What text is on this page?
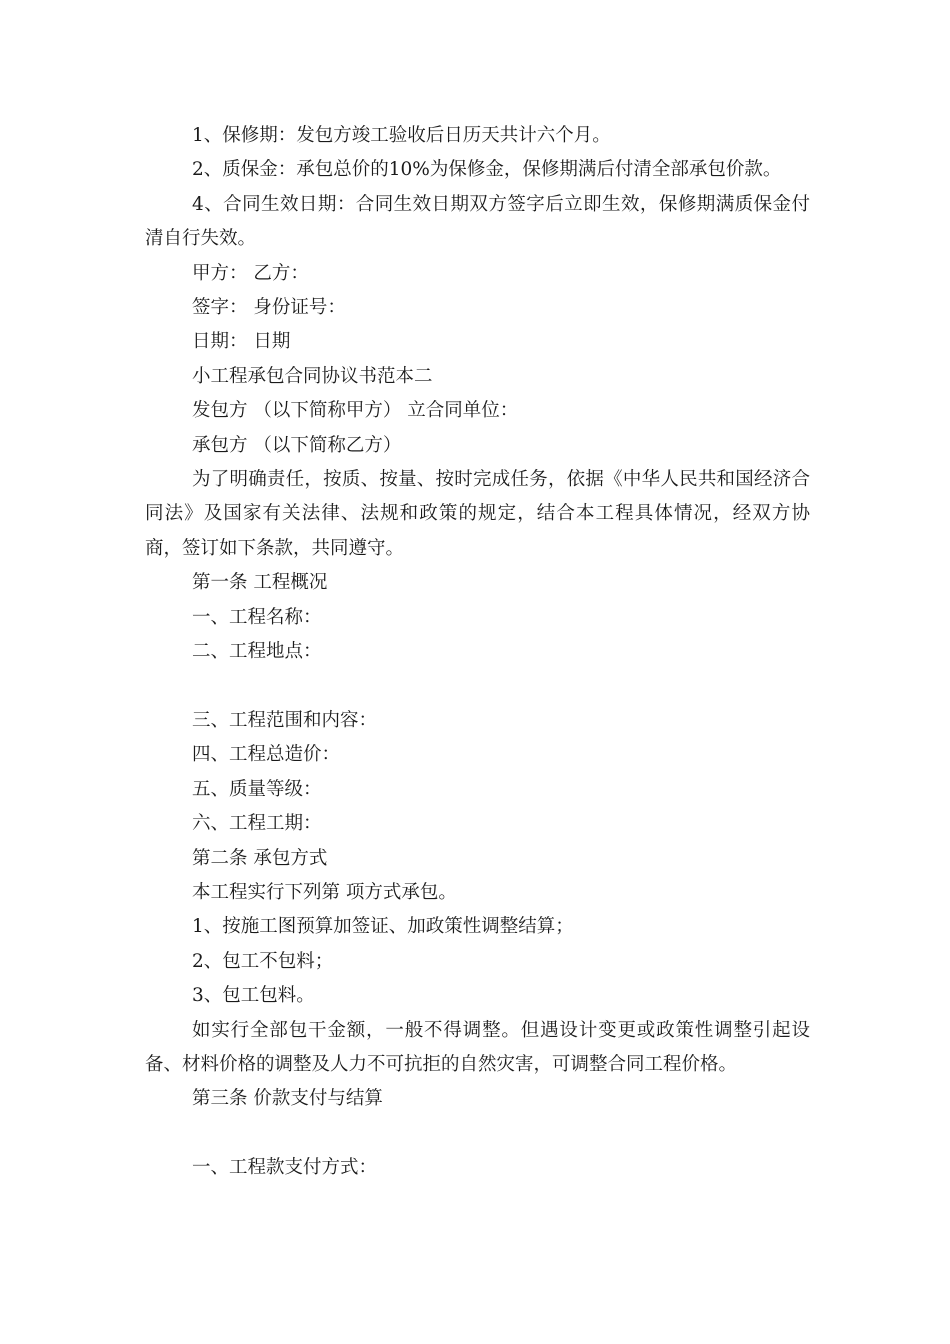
1、保修期：发包方竣工验收后日历天共计六个月。

2、质保金：承包总价的10%为保修金，保修期满后付清全部承包价款。

4、合同生效日期：合同生效日期双方签字后立即生效，保修期满质保金付清自行失效。

甲方： 乙方：

签字： 身份证号：

日期： 日期

小工程承包合同协议书范本二

发包方 （以下简称甲方） 立合同单位：

承包方 （以下简称乙方）

为了明确责任，按质、按量、按时完成任务，依据《中华人民共和国经济合同法》及国家有关法律、法规和政策的规定，结合本工程具体情况，经双方协商，签订如下条款，共同遵守。

第一条 工程概况

一、工程名称：

二、工程地点：

三、工程范围和内容：

四、工程总造价：

五、质量等级：

六、工程工期：

第二条 承包方式

本工程实行下列第 项方式承包。

1、按施工图预算加签证、加政策性调整结算；

2、包工不包料；

3、包工包料。

如实行全部包干金额，一般不得调整。但遇设计变更或政策性调整引起设备、材料价格的调整及人力不可抗拒的自然灾害，可调整合同工程价格。

第三条 价款支付与结算

一、工程款支付方式：
